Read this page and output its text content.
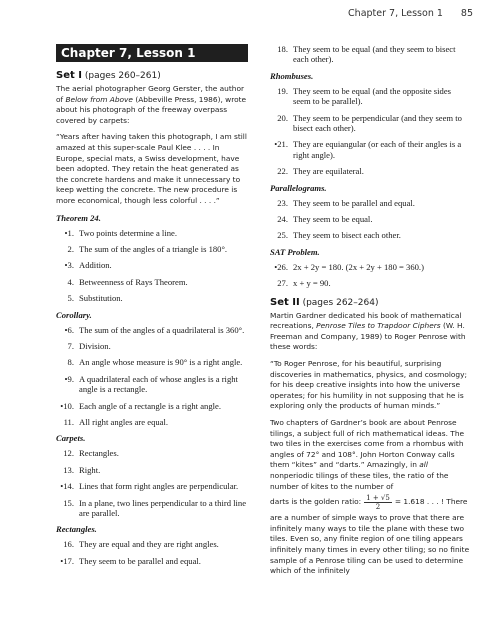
Chapter 7, Lesson 1 85
Chapter 7, Lesson 1
Set I (pages 260–261)

The aerial photographer Georg Gerster, the author of Below from Above (Abbeville Press, 1986), wrote about his photograph of the freeway overpass covered by carpets:

“Years after having taken this photograph, I am still amazed at this super-scale Paul Klee . . . . In Europe, special mats, a Swiss development, have been adopted. They retain the heat generated as the concrete hardens and make it unnecessary to keep wetting the concrete. The new procedure is more economical, though less colorful . . . .”

Theorem 24.
•1. Two points determine a line.
2. The sum of the angles of a triangle is 180°.
•3. Addition.
4. Betweenness of Rays Theorem.
5. Substitution.
Corollary.
•6. The sum of the angles of a quadrilateral is 360°.
7. Division.
8. An angle whose measure is 90° is a right angle.
•9. A quadrilateral each of whose angles is a right angle is a rectangle.
•10. Each angle of a rectangle is a right angle.
11. All right angles are equal.
Carpets.
12. Rectangles.
13. Right.
•14. Lines that form right angles are perpendicular.
15. In a plane, two lines perpendicular to a third line are parallel.
Rectangles.
16. They are equal and they are right angles.
•17. They seem to be parallel and equal.
18. They seem to be equal (and they seem to bisect each other).
Rhombuses.
19. They seem to be equal (and the opposite sides seem to be parallel).
20. They seem to be perpendicular (and they seem to bisect each other).
•21. They are equiangular (or each of their angles is a right angle).
22. They are equilateral.
Parallelograms.
23. They seem to be parallel and equal.
24. They seem to be equal.
25. They seem to bisect each other.
SAT Problem.
•26. 2x + 2y = 180. (2x + 2y + 180 = 360.)
27. x + y = 90.
Set II (pages 262–264)

Martin Gardner dedicated his book of mathematical recreations, Penrose Tiles to Trapdoor Ciphers (W. H. Freeman and Company, 1989) to Roger Penrose with these words:

“To Roger Penrose, for his beautiful, surprising discoveries in mathematics, physics, and cosmology; for his deep creative insights into how the universe operates; for his humility in not supposing that he is exploring only the products of human minds.”

Two chapters of Gardner’s book are about Penrose tilings, a subject full of rich mathematical ideas. The two tiles in the exercises come from a rhombus with angles of 72° and 108°. John Horton Conway calls them “kites” and “darts.” Amazingly, in all nonperiodic tilings of these tiles, the ratio of the number of kites to the number of

darts is the golden ratio: $\frac{1 + √5}{2} = 1.618$ . . . ! There

are a number of simple ways to prove that there are infinitely many ways to tile the plane with these two tiles. Even so, any finite region of one tiling appears infinitely many times in every other tiling; so no finite sample of a Penrose tiling can be used to determine which of the infinitely
